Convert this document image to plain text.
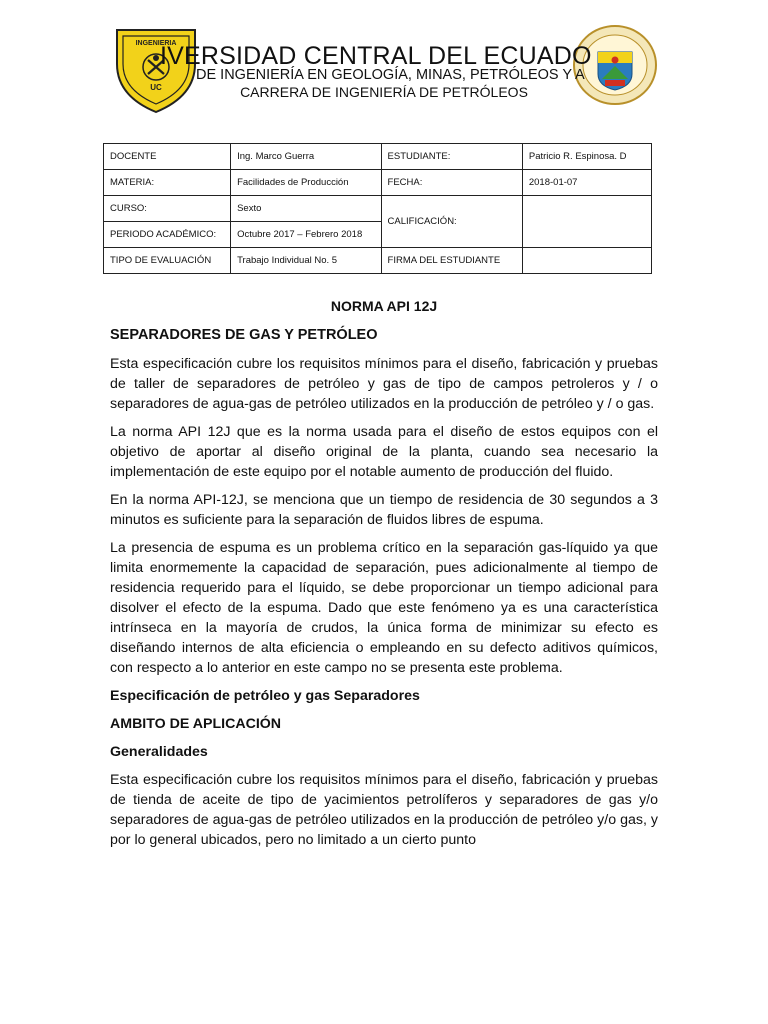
INGENIERIA
UC
IVERSIDAD CENTRAL DEL ECUADO
DE INGENIERÍA EN GEOLOGÍA, MINAS, PETRÓLEOS Y A
CARRERA DE INGENIERÍA DE PETRÓLEOS
DOCENTE	Ing. Marco Guerra	ESTUDIANTE:	Patricio R. Espinosa. D
MATERIA:	Facilidades de Producción	FECHA:	2018-01-07
CURSO:	Sexto	CALIFICACIÓN:	
PERIODO ACADÉMICO:	Octubre 2017 – Febrero 2018		
TIPO DE EVALUACIÓN	Trabajo Individual No. 5	FIRMA DEL ESTUDIANTE	
NORMA API 12J
SEPARADORES DE GAS Y PETRÓLEO

Esta especificación cubre los requisitos mínimos para el diseño, fabricación y pruebas de taller de separadores de petróleo y gas de tipo de campos petroleros y / o separadores de agua-gas de petróleo utilizados en la producción de petróleo y / o gas.

La norma API 12J que es la norma usada para el diseño de estos equipos con el objetivo de aportar al diseño original de la planta, cuando sea necesario la implementación de este equipo por el notable aumento de producción del fluido.

En la norma API-12J, se menciona que un tiempo de residencia de 30 segundos a 3 minutos es suficiente para la separación de fluidos libres de espuma.

La presencia de espuma es un problema crítico en la separación gas-líquido ya que limita enormemente la capacidad de separación, pues adicionalmente al tiempo de residencia requerido para el líquido, se debe proporcionar un tiempo adicional para disolver el efecto de la espuma. Dado que este fenómeno ya es una característica intrínseca en la mayoría de crudos, la única forma de minimizar su efecto es diseñando internos de alta eficiencia o empleando en su defecto aditivos químicos, con respecto a lo anterior en este campo no se presenta este problema.

Especificación de petróleo y gas Separadores
AMBITO DE APLICACIÓN
Generalidades

Esta especificación cubre los requisitos mínimos para el diseño, fabricación y pruebas de tienda de aceite de tipo de yacimientos petrolíferos y separadores de gas y/o separadores de agua-gas de petróleo utilizados en la producción de petróleo y/o gas, y por lo general ubicados, pero no limitado a un cierto punto
